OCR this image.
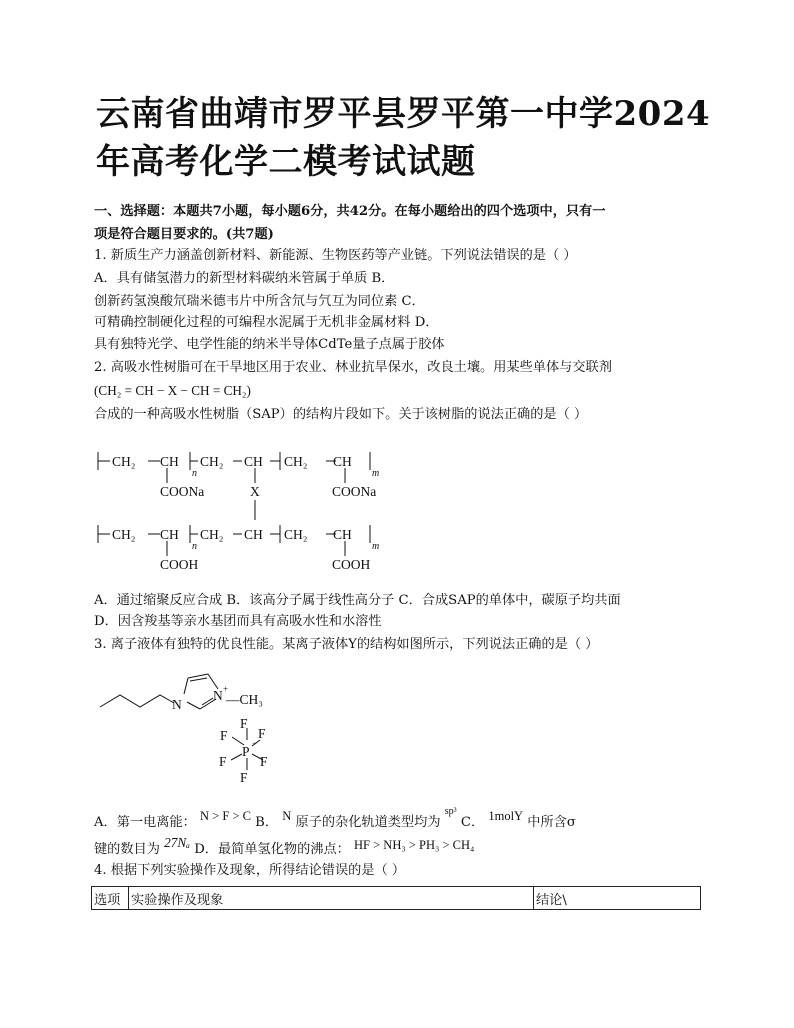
云南省曲靖市罗平县罗平第一中学2024年高考化学二模考试试题
一、选择题：本题共7小题，每小题6分，共42分。在每小题给出的四个选项中，只有一
项是符合题目要求的。(共7题)
1. 新质生产力涵盖创新材料、新能源、生物医药等产业链。下列说法错误的是（ ）
A．具有储氢潜力的新型材料碳纳米管属于单质 B．
创新药氢溴酸氘瑞米德韦片中所含氘与氕互为同位素 C．
可精确控制硬化过程的可编程水泥属于无机非金属材料 D．
具有独特光学、电学性能的纳米半导体CdTe量子点属于胶体
2. 高吸水性树脂可在干旱地区用于农业、林业抗旱保水，改良土壤。用某些单体与交联剂
(CH₂ = CH − X − CH = CH₂)
合成的一种高吸水性树脂（SAP）的结构片段如下。关于该树脂的说法正确的是（ ）
CH₂ CH
n
CH₂ CH CH₂ CH
m
COONa	X	COONa
CH₂ CH
n
CH₂ CH CH₂ CH
m
COOH	COOH
A．通过缩聚反应合成 B．该高分子属于线性高分子 C．合成SAP的单体中，碳原子均共面
D．因含羧基等亲水基团而具有高吸水性和水溶性
3. 离子液体有独特的优良性能。某离子液体Y的结构如图所示，下列说法正确的是（ ）
N
N +
—CH₃
F
F F
P
−
F F
F
A．第一电离能： N > F > C B． N 原子的杂化轨道类型均为 $^{sp^3}$ C． 1molY 中所含σ
键的数目为 27Nₐ D．最简单氢化物的沸点： HF > NH₃ > PH₃ > CH₄
4. 根据下列实验操作及现象，所得结论错误的是（ ）
选项	实验操作及现象	结论\
